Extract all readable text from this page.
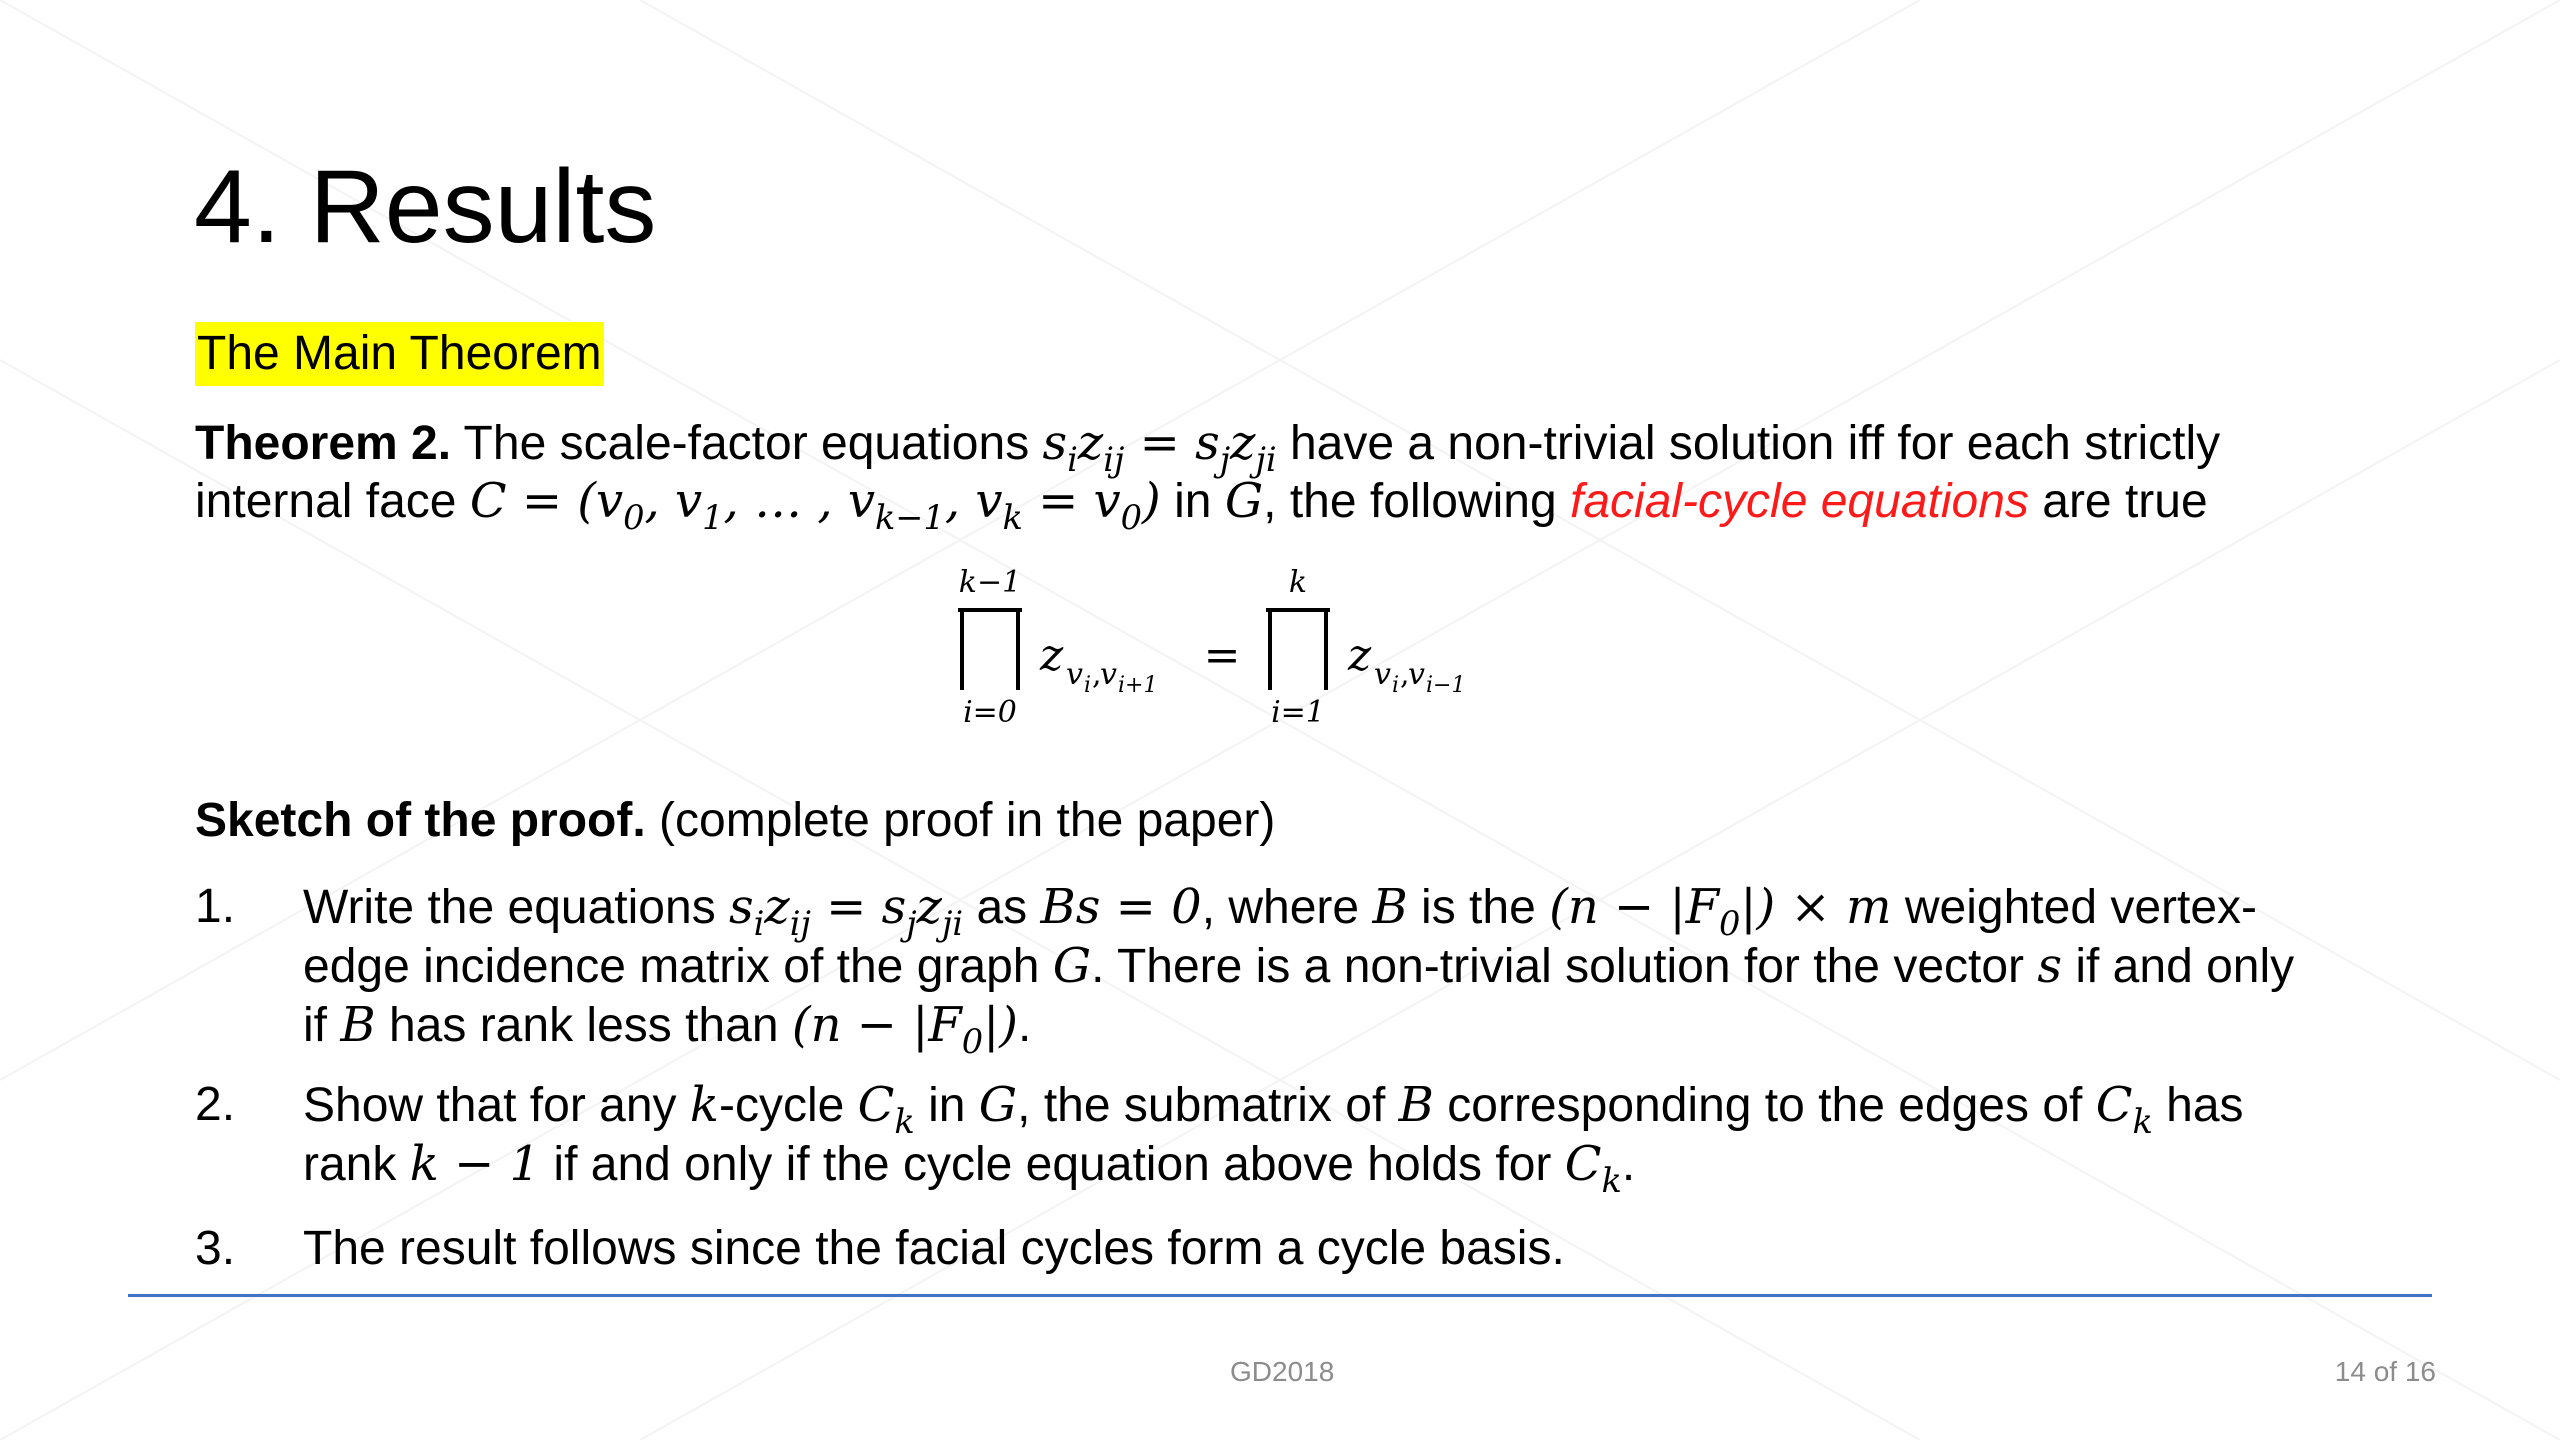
4. Results
The Main Theorem
Theorem 2. The scale-factor equations $s_iz_{ij} = s_jz_{ji}$ have a non-trivial solution iff for each strictly
internal face $C = (v_0$, $v_1$, … , $v_{k-1}$, $v_k = v_0$) in G, the following facial-cycle equations are true
k−1
i=0
z v i ,
v i+1
=
k
i=1
z v i ,
v i−1
Sketch of the proof. (complete proof in the paper)
1.	Write the equations $s_iz_{ij} = s_jz_{ji}$ as Bs = 0, where B is the $(n - |F_0|) \times m$ weighted vertex-
edge incidence matrix of the graph G. There is a non-trivial solution for the vector s if and only
if B has rank less than $(n - |F_0|)$.
2.	Show that for any k-cycle $C_k$ in G, the submatrix of B corresponding to the edges of $C_k$ has
rank k − 1 if and only if the cycle equation above holds for $C_k$.
3.	The result follows since the facial cycles form a cycle basis.
GD2018	14 of 16
